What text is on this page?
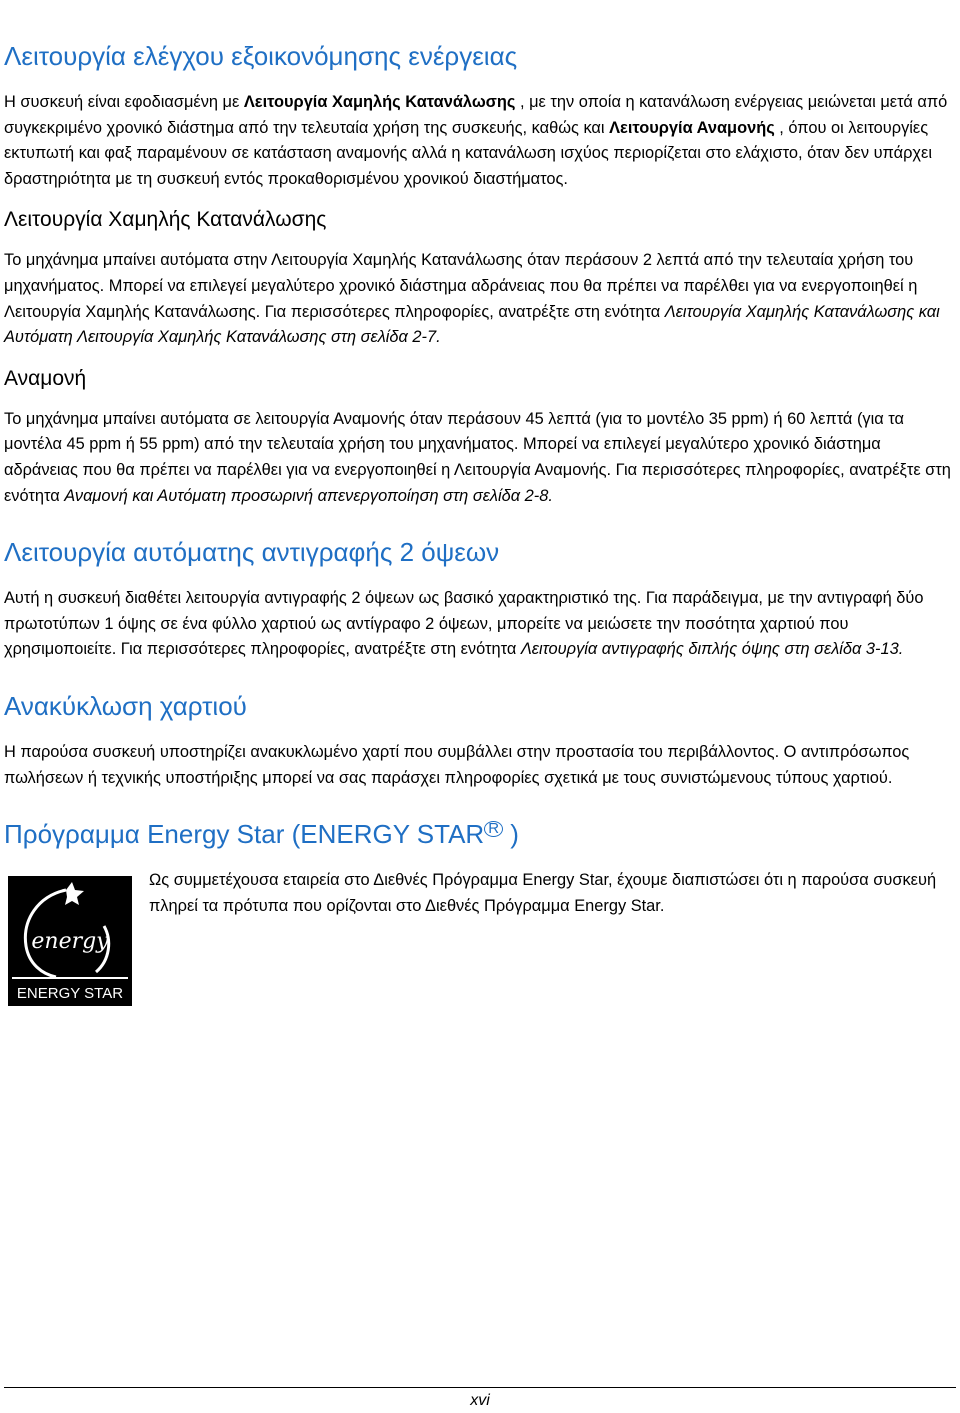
Λειτουργία ελέγχου εξοικονόμησης ενέργειας

Η συσκευή είναι εφοδιασμένη με Λειτουργία Χαμηλής Κατανάλωσης , με την οποία η κατανάλωση ενέργειας μειώνεται μετά από συγκεκριμένο χρονικό διάστημα από την τελευταία χρήση της συσκευής, καθώς και Λειτουργία Αναμονής , όπου οι λειτουργίες εκτυπωτή και φαξ παραμένουν σε κατάσταση αναμονής αλλά η κατανάλωση ισχύος περιορίζεται στο ελάχιστο, όταν δεν υπάρχει δραστηριότητα με τη συσκευή εντός προκαθορισμένου χρονικού διαστήματος.

Λειτουργία Χαμηλής Κατανάλωσης

Το μηχάνημα μπαίνει αυτόματα στην Λειτουργία Χαμηλής Κατανάλωσης όταν περάσουν 2 λεπτά από την τελευταία χρήση του μηχανήματος. Μπορεί να επιλεγεί μεγαλύτερο χρονικό διάστημα αδράνειας που θα πρέπει να παρέλθει για να ενεργοποιηθεί η Λειτουργία Χαμηλής Κατανάλωσης. Για περισσότερες πληροφορίες, ανατρέξτε στη ενότητα Λειτουργία Χαμηλής Κατανάλωσης και Αυτόματη Λειτουργία Χαμηλής Κατανάλωσης στη σελίδα 2-7.

Αναμονή

Το μηχάνημα μπαίνει αυτόματα σε λειτουργία Αναμονής όταν περάσουν 45 λεπτά (για το μοντέλο 35 ppm) ή 60 λεπτά (για τα μοντέλα 45 ppm ή 55 ppm) από την τελευταία χρήση του μηχανήματος. Μπορεί να επιλεγεί μεγαλύτερο χρονικό διάστημα αδράνειας που θα πρέπει να παρέλθει για να ενεργοποιηθεί η Λειτουργία Αναμονής. Για περισσότερες πληροφορίες, ανατρέξτε στη ενότητα Αναμονή και Αυτόματη προσωρινή απενεργοποίηση στη σελίδα 2-8.

Λειτουργία αυτόματης αντιγραφής 2 όψεων

Αυτή η συσκευή διαθέτει λειτουργία αντιγραφής 2 όψεων ως βασικό χαρακτηριστικό της. Για παράδειγμα, με την αντιγραφή δύο πρωτοτύπων 1 όψης σε ένα φύλλο χαρτιού ως αντίγραφο 2 όψεων, μπορείτε να μειώσετε την ποσότητα χαρτιού που χρησιμοποιείτε. Για περισσότερες πληροφορίες, ανατρέξτε στη ενότητα Λειτουργία αντιγραφής διπλής όψης στη σελίδα 3-13.

Ανακύκλωση χαρτιού

Η παρούσα συσκευή υποστηρίζει ανακυκλωμένο χαρτί που συμβάλλει στην προστασία του περιβάλλοντος. Ο αντιπρόσωπος πωλήσεων ή τεχνικής υποστήριξης μπορεί να σας παράσχει πληροφορίες σχετικά με τους συνιστώμενους τύπους χαρτιού.

Πρόγραμμα Energy Star (ENERGY STAR R )
energy
ENERGY STAR

Ως συμμετέχουσα εταιρεία στο Διεθνές Πρόγραμμα Energy Star, έχουμε διαπιστώσει ότι η παρούσα συσκευή πληρεί τα πρότυπα που ορίζονται στο Διεθνές Πρόγραμμα Energy Star.

xvi
